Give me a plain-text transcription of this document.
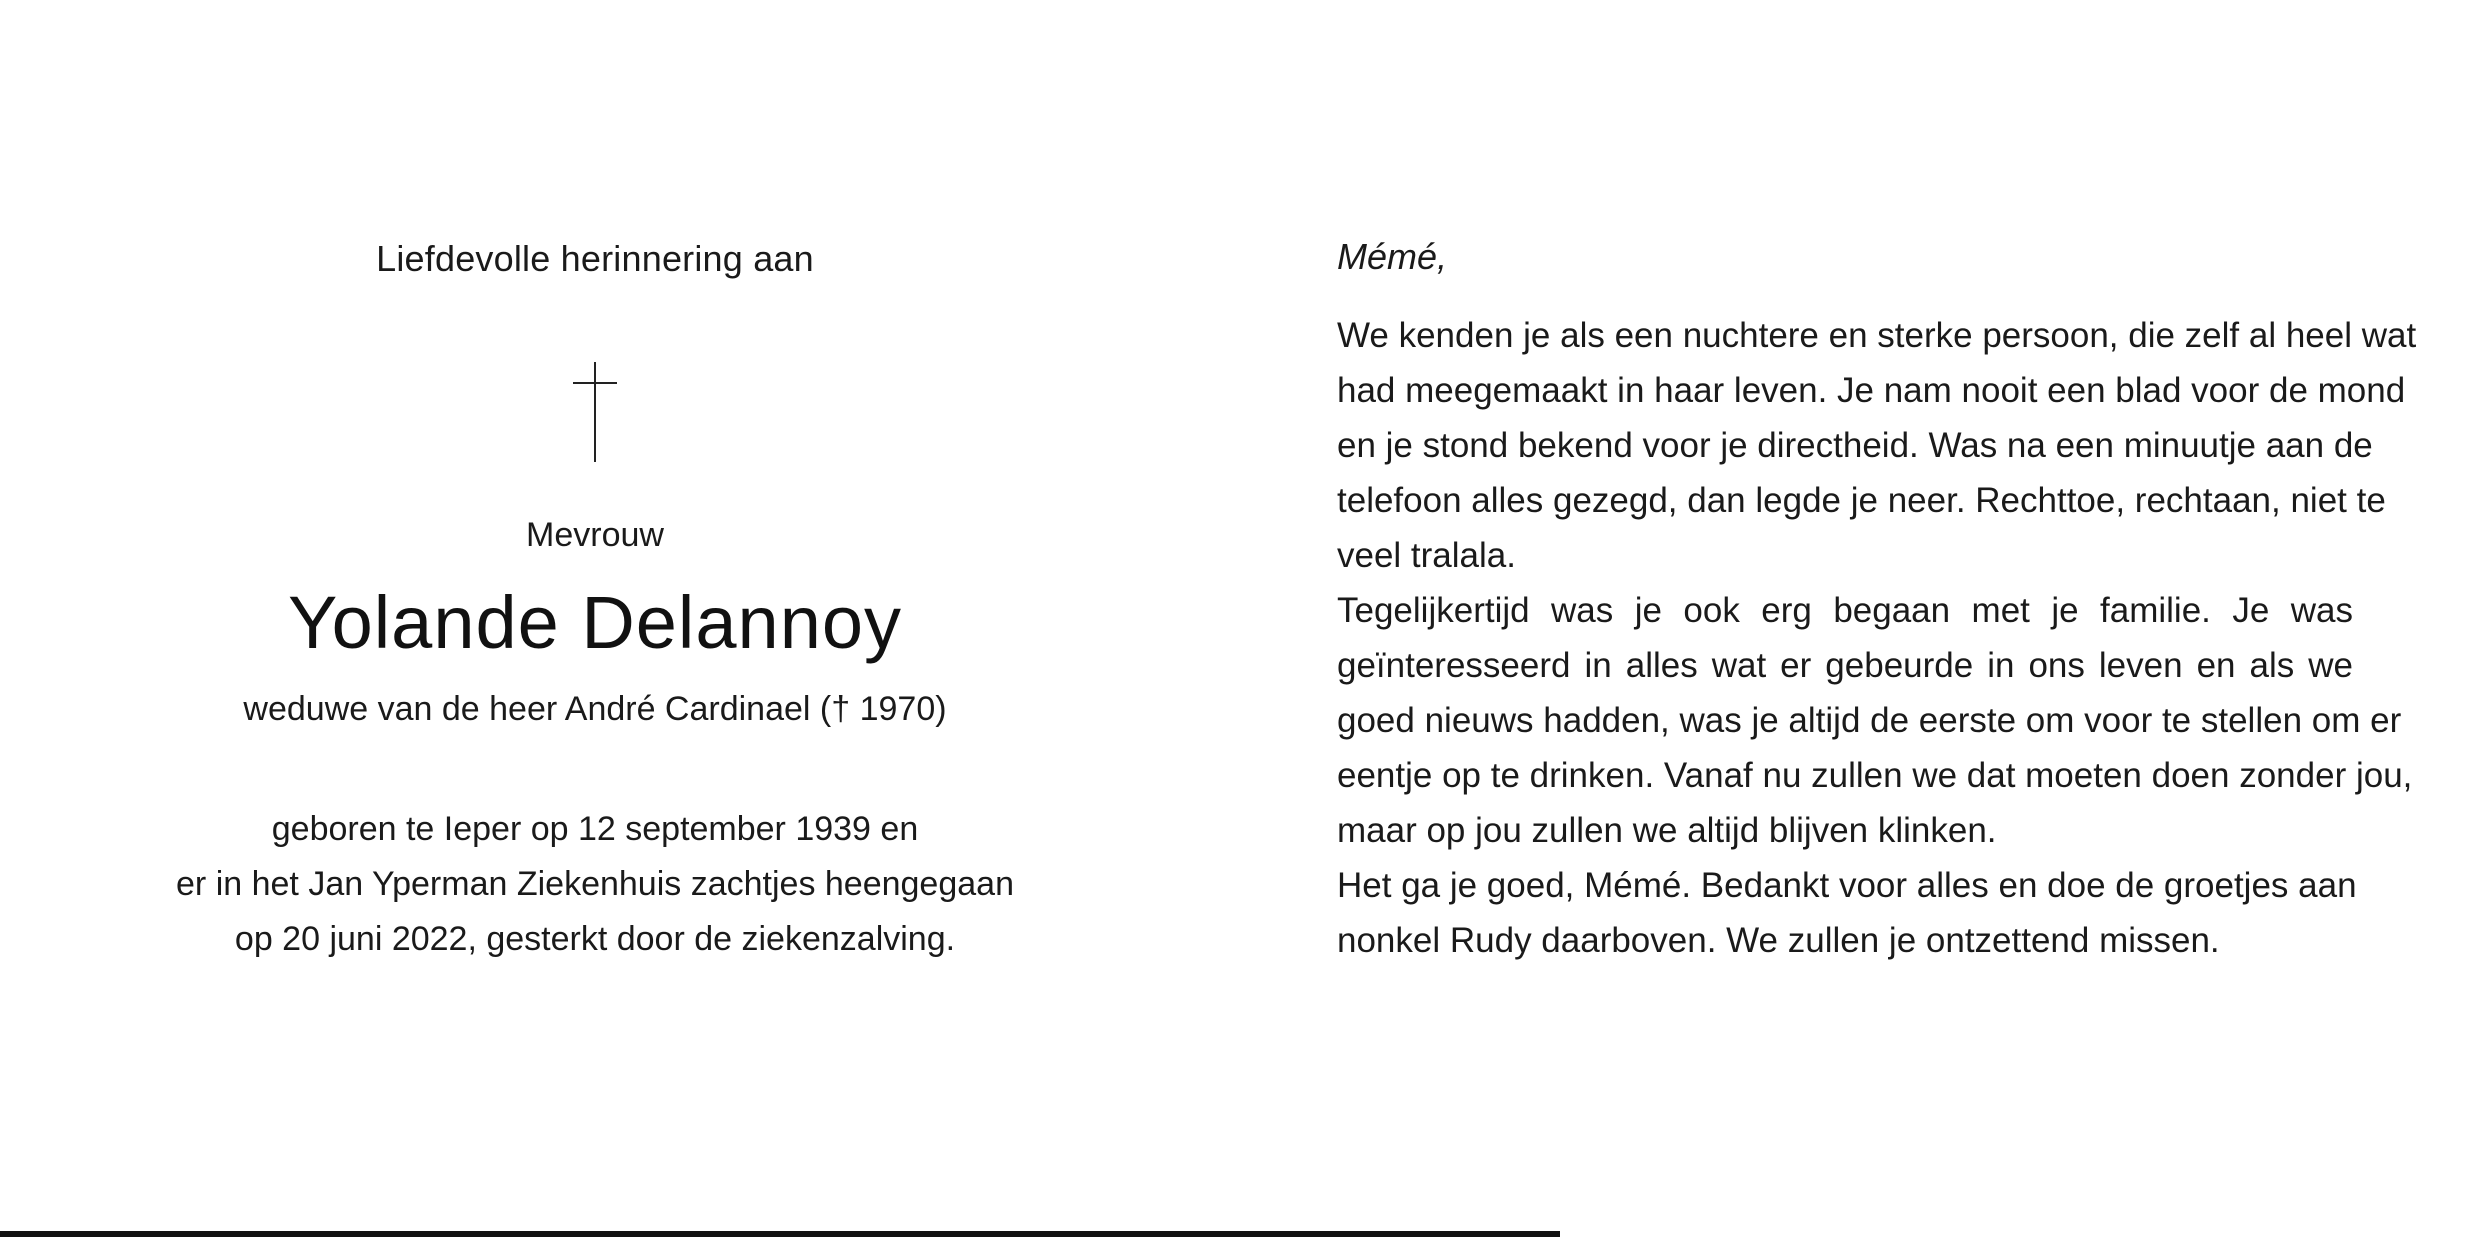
Liefdevolle herinnering aan
Mevrouw
Yolande Delannoy
weduwe van de heer André Cardinael († 1970)
geboren te Ieper op 12 september 1939 en
er in het Jan Yperman Ziekenhuis zachtjes heengegaan
op 20 juni 2022, gesterkt door de ziekenzalving.
Mémé,
We kenden je als een nuchtere en sterke persoon, die zelf al heel wat
had meegemaakt in haar leven. Je nam nooit een blad voor de mond
en je stond bekend voor je directheid. Was na een minuutje aan de
telefoon alles gezegd, dan legde je neer. Rechttoe, rechtaan, niet te
veel tralala.
Tegelijkertijd was je ook erg begaan met je familie. Je was
geïnteresseerd in alles wat er gebeurde in ons leven en als we
goed nieuws hadden, was je altijd de eerste om voor te stellen om er
eentje op te drinken. Vanaf nu zullen we dat moeten doen zonder jou,
maar op jou zullen we altijd blijven klinken.
Het ga je goed, Mémé. Bedankt voor alles en doe de groetjes aan
nonkel Rudy daarboven. We zullen je ontzettend missen.
